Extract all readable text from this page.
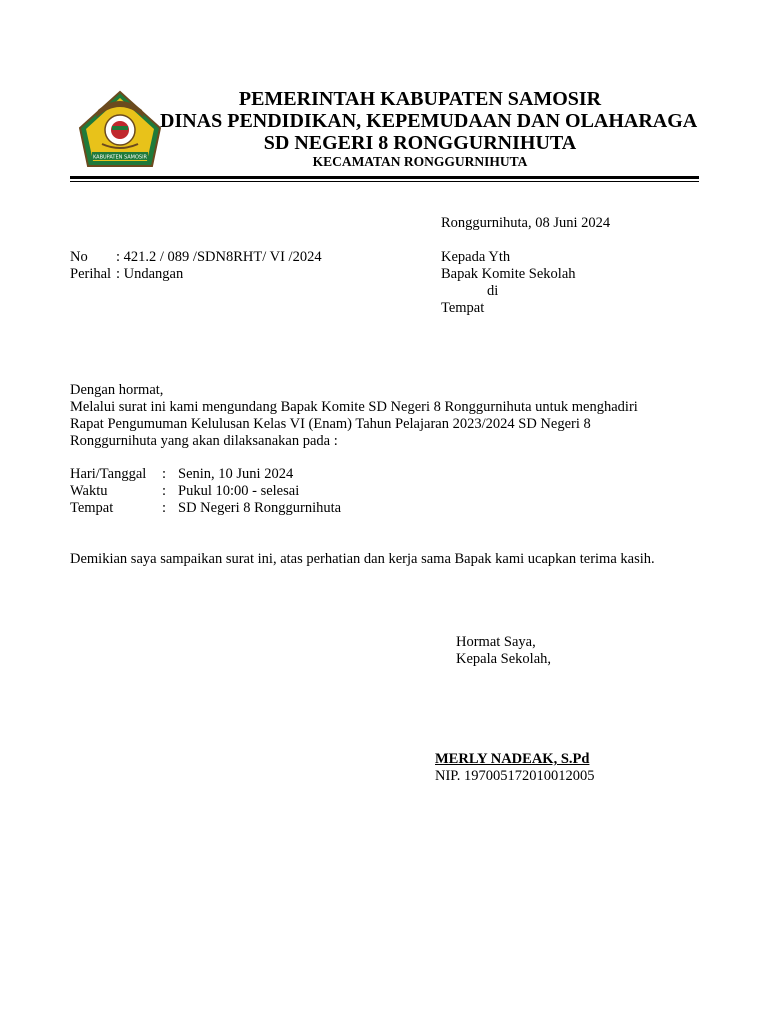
KABUPATEN SAMOSIR
PEMERINTAH KABUPATEN SAMOSIR
DINAS PENDIDIKAN, KEPEMUDAAN DAN OLAHARAGA
SD NEGERI 8 RONGGURNIHUTA
KECAMATAN RONGGURNIHUTA
Ronggurnihuta, 08 Juni 2024
No : 421.2 / 089 /SDN8RHT/ VI /2024
Perihal : Undangan
Kepada Yth
Bapak Komite Sekolah
di
Tempat
Dengan hormat,
Melalui surat ini kami mengundang Bapak Komite SD Negeri 8 Ronggurnihuta untuk menghadiri
Rapat Pengumuman Kelulusan Kelas VI (Enam) Tahun Pelajaran 2023/2024 SD Negeri 8
Ronggurnihuta yang akan dilaksanakan pada :
Hari/Tanggal : Senin, 10 Juni 2024
Waktu	: Pukul 10:00 - selesai
Tempat	: SD Negeri 8 Ronggurnihuta
Demikian saya sampaikan surat ini, atas perhatian dan kerja sama Bapak kami ucapkan terima kasih.
Hormat Saya,
Kepala Sekolah,
MERLY NADEAK, S.Pd
NIP. 197005172010012005
